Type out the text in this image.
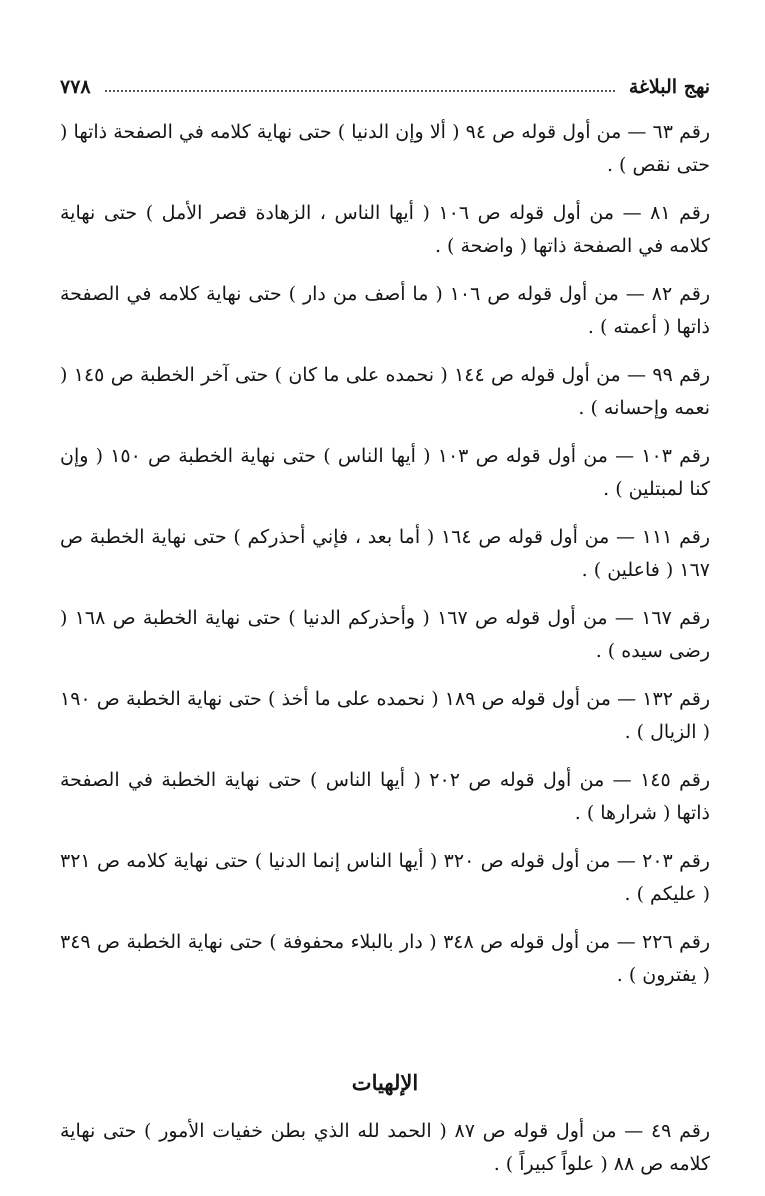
نهج البلاغة
٧٧٨

رقم ٦٣ — من أول قوله ص ٩٤ ( ألا وإن الدنيا ) حتى نهاية كلامه في الصفحة ذاتها ( حتى نقص ) .

رقم ٨١ — من أول قوله ص ١٠٦ ( أيها الناس ، الزهادة قصر الأمل ) حتى نهاية كلامه في الصفحة ذاتها ( واضحة ) .

رقم ٨٢ — من أول قوله ص ١٠٦ ( ما أصف من دار ) حتى نهاية كلامه في الصفحة ذاتها ( أعمته ) .

رقم ٩٩ — من أول قوله ص ١٤٤ ( نحمده على ما كان ) حتى آخر الخطبة ص ١٤٥ ( نعمه وإحسانه ) .

رقم ١٠٣ — من أول قوله ص ١٠٣ ( أيها الناس ) حتى نهاية الخطبة ص ١٥٠ ( وإن كنا لمبتلين ) .

رقم ١١١ — من أول قوله ص ١٦٤ ( أما بعد ، فإني أحذركم ) حتى نهاية الخطبة ص ١٦٧ ( فاعلين ) .

رقم ١٦٧ — من أول قوله ص ١٦٧ ( وأحذركم الدنيا ) حتى نهاية الخطبة ص ١٦٨ ( رضى سيده ) .

رقم ١٣٢ — من أول قوله ص ١٨٩ ( نحمده على ما أخذ ) حتى نهاية الخطبة ص ١٩٠ ( الزيال ) .

رقم ١٤٥ — من أول قوله ص ٢٠٢ ( أيها الناس ) حتى نهاية الخطبة في الصفحة ذاتها ( شرارها ) .

رقم ٢٠٣ — من أول قوله ص ٣٢٠ ( أيها الناس إنما الدنيا ) حتى نهاية كلامه ص ٣٢١ ( عليكم ) .

رقم ٢٢٦ — من أول قوله ص ٣٤٨ ( دار بالبلاء محفوفة ) حتى نهاية الخطبة ص ٣٤٩ ( يفترون ) .

الإلهيات

رقم ٤٩ — من أول قوله ص ٨٧ ( الحمد لله الذي بطن خفيات الأمور ) حتى نهاية كلامه ص ٨٨ ( علواً كبيراً ) .
